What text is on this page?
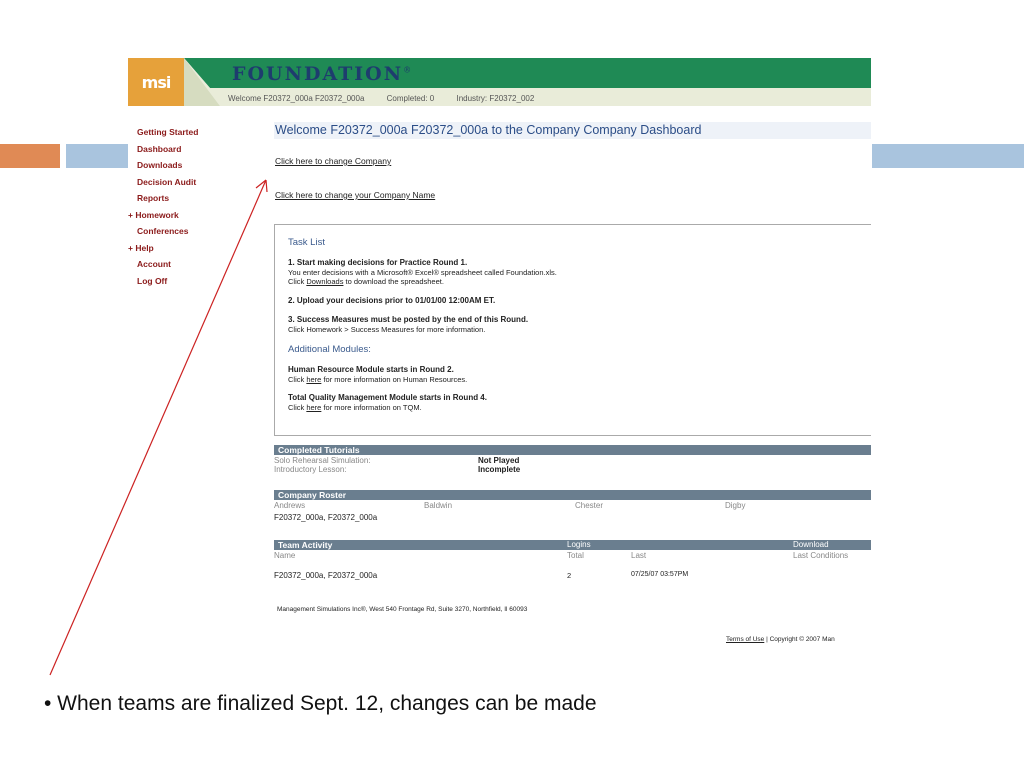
msi	FOUNDATION®
Welcome F20372_000a F20372_000a	Completed: 0	Industry: F20372_002
Getting Started
Dashboard
Downloads
Decision Audit
Reports
+ Homework
Conferences
+ Help
Account
Log Off
Welcome F20372_000a F20372_000a to the Company Company Dashboard
Click here to change Company
Click here to change your Company Name
Task List
1. Start making decisions for Practice Round 1.
You enter decisions with a Microsoft® Excel® spreadsheet called Foundation.xls.
Click Downloads to download the spreadsheet.
2. Upload your decisions prior to 01/01/00 12:00AM ET.
3. Success Measures must be posted by the end of this Round.
Click Homework > Success Measures for more information.
Additional Modules:
Human Resource Module starts in Round 2.
Click here for more information on Human Resources.
Total Quality Management Module starts in Round 4.
Click here for more information on TQM.
Completed Tutorials
Solo Rehearsal Simulation:	Not Played
Introductory Lesson:	Incomplete
Company Roster
Andrews	Baldwin	Chester	Digby
F20372_000a, F20372_000a
Team Activity	Logins	Download
Name	Total	Last	Last Conditions
F20372_000a, F20372_000a	2	07/25/07 03:57PM
Management Simulations Inc®, West 540 Frontage Rd, Suite 3270, Northfield, Il 60093
Terms of Use | Copyright © 2007 Man
• When teams are finalized Sept. 12, changes can be made
